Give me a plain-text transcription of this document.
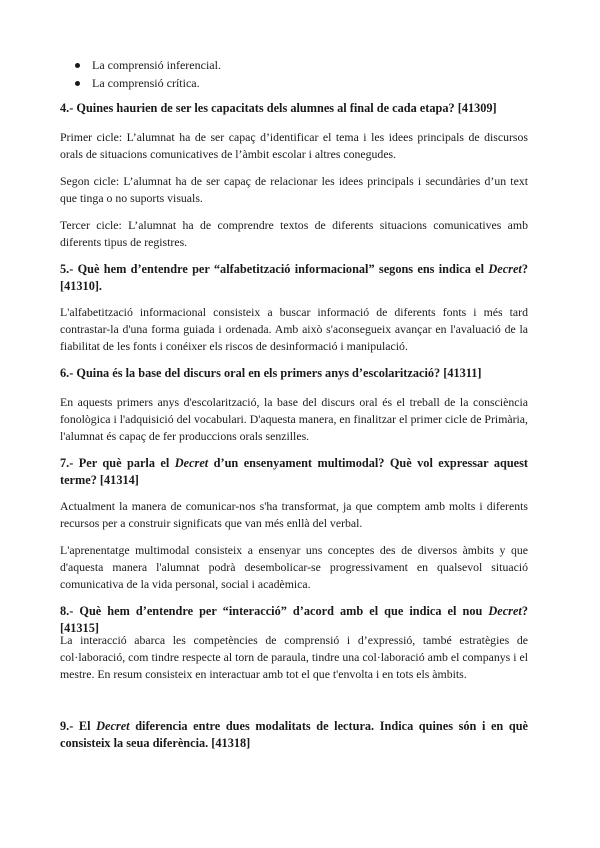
La comprensió inferencial.
La comprensió crítica.

4.- Quines haurien de ser les capacitats dels alumnes al final de cada etapa? [41309]

Primer cicle: L’alumnat ha de ser capaç d’identificar el tema i les idees principals de discursos orals de situacions comunicatives de l’àmbit escolar i altres conegudes.

Segon cicle: L’alumnat ha de ser capaç de relacionar les idees principals i secundàries d’un text que tinga o no suports visuals.

Tercer cicle: L’alumnat ha de comprendre textos de diferents situacions comunicatives amb diferents tipus de registres.

5.- Què hem d’entendre per “alfabetització informacional” segons ens indica el Decret? [41310].

L'alfabetització informacional consisteix a buscar informació de diferents fonts i més tard contrastar-la d'una forma guiada i ordenada. Amb això s'aconsegueix avançar en l'avaluació de la fiabilitat de les fonts i conéixer els riscos de desinformació i manipulació.

6.- Quina és la base del discurs oral en els primers anys d’escolarització? [41311]

En aquests primers anys d'escolarització, la base del discurs oral és el treball de la consciència fonològica i l'adquisició del vocabulari. D'aquesta manera, en finalitzar el primer cicle de Primària, l'alumnat és capaç de fer produccions orals senzilles.

7.- Per què parla el Decret d’un ensenyament multimodal? Què vol expressar aquest terme? [41314]

Actualment la manera de comunicar-nos s'ha transformat, ja que comptem amb molts i diferents recursos per a construir significats que van més enllà del verbal.

L'aprenentatge multimodal consisteix a ensenyar uns conceptes des de diversos àmbits y que d'aquesta manera l'alumnat podrà desembolicar-se progressivament en qualsevol situació comunicativa de la vida personal, social i acadèmica.

8.- Què hem d’entendre per “interacció” d’acord amb el que indica el nou Decret? [41315]

La interacció abarca les competències de comprensió i d’expressió, també estratègies de col·laboració, com tindre respecte al torn de paraula, tindre una col·laboració amb el companys i el mestre. En resum consisteix en interactuar amb tot el que t'envolta i en tots els àmbits.

9.- El Decret diferencia entre dues modalitats de lectura. Indica quines són i en què consisteix la seua diferència. [41318]
